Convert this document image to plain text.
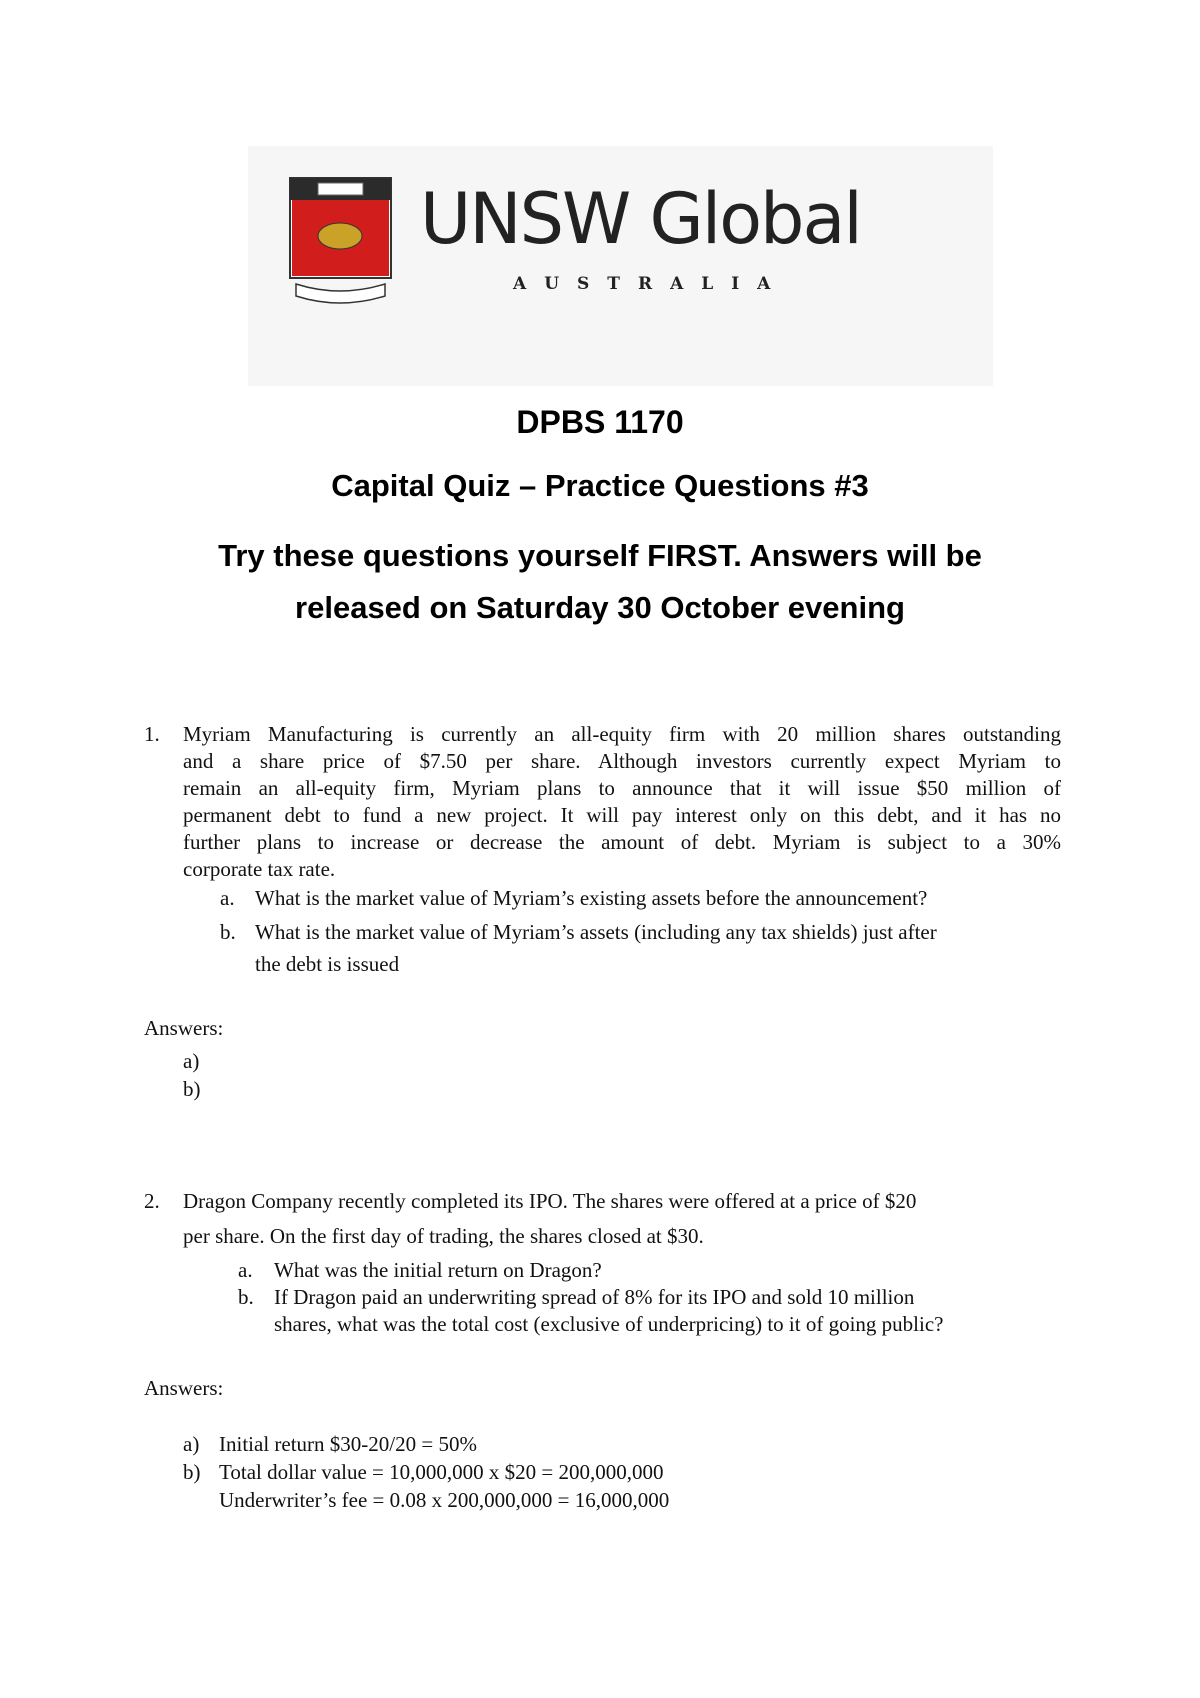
UNSW Global
AUSTRALIA
DPBS 1170
Capital Quiz – Practice Questions #3
Try these questions yourself FIRST. Answers will be
released on Saturday 30 October evening
1. Myriam Manufacturing is currently an all-equity firm with 20 million shares outstanding
and a share price of $7.50 per share. Although investors currently expect Myriam to
remain an all-equity firm, Myriam plans to announce that it will issue $50 million of
permanent debt to fund a new project. It will pay interest only on this debt, and it has no
further plans to increase or decrease the amount of debt. Myriam is subject to a 30%
corporate tax rate.
a. What is the market value of Myriam’s existing assets before the announcement?
b. What is the market value of Myriam’s assets (including any tax shields) just after
the debt is issued
Answers:
a)
b)
2. Dragon Company recently completed its IPO. The shares were offered at a price of $20
per share. On the first day of trading, the shares closed at $30.
a. What was the initial return on Dragon?
b. If Dragon paid an underwriting spread of 8% for its IPO and sold 10 million
shares, what was the total cost (exclusive of underpricing) to it of going public?
Answers:
a) Initial return $30-20/20 = 50%
b) Total dollar value = 10,000,000 x $20 = 200,000,000
Underwriter’s fee = 0.08 x 200,000,000 = 16,000,000
